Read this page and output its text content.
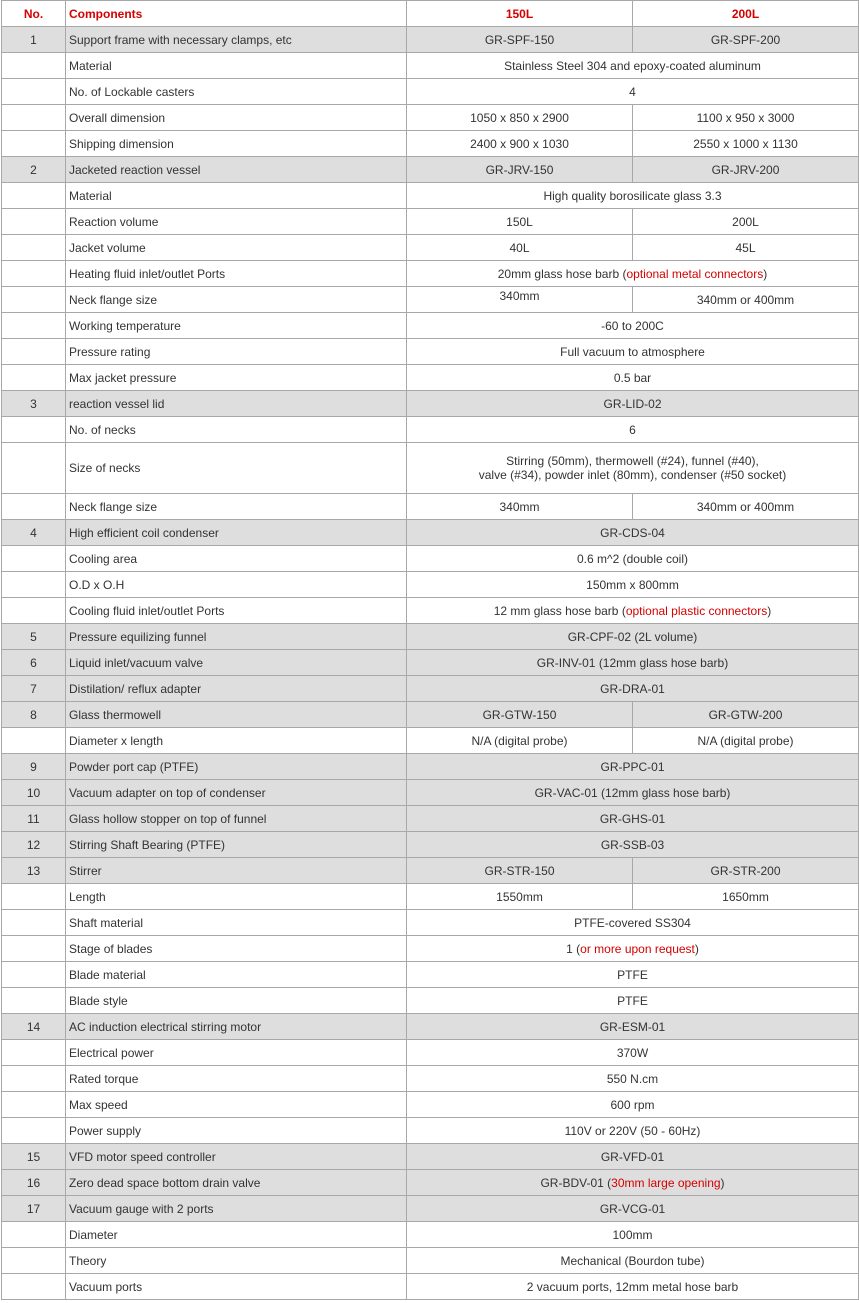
No.	Components	150L	200L
1	Support frame with necessary clamps, etc	GR-SPF-150	GR-SPF-200
	Material	Stainless Steel 304 and epoxy-coated aluminum	
	No. of Lockable casters	4	
	Overall dimension	1050 x 850 x 2900	1100 x 950 x 3000
	Shipping dimension	2400 x 900 x 1030	2550 x 1000 x 1130
2	Jacketed reaction vessel	GR-JRV-150	GR-JRV-200
	Material	High quality borosilicate glass 3.3	
	Reaction volume	150L	200L
	Jacket volume	40L	45L
	Heating fluid inlet/outlet Ports	20mm glass hose barb (optional metal connectors)	
	Neck flange size	340mm	340mm or 400mm
	Working temperature	-60 to 200C	
	Pressure rating	Full vacuum to atmosphere	
	Max jacket pressure	0.5 bar	
3	reaction vessel lid	GR-LID-02	
	No. of necks	6	
	Size of necks	Stirring (50mm), thermowell (#24), funnel (#40),
valve (#34), powder inlet (80mm), condenser (#50 socket)	
	Neck flange size	340mm	340mm or 400mm
4	High efficient coil condenser	GR-CDS-04	
	Cooling area	0.6 m^2 (double coil)	
	O.D x O.H	150mm x 800mm	
	Cooling fluid inlet/outlet Ports	12 mm glass hose barb (optional plastic connectors)	
5	Pressure equilizing funnel	GR-CPF-02 (2L volume)	
6	Liquid inlet/vacuum valve	GR-INV-01 (12mm glass hose barb)	
7	Distilation/ reflux adapter	GR-DRA-01	
8	Glass thermowell	GR-GTW-150	GR-GTW-200
	Diameter x length	N/A (digital probe)	N/A (digital probe)
9	Powder port cap (PTFE)	GR-PPC-01	
10	Vacuum adapter on top of condenser	GR-VAC-01 (12mm glass hose barb)	
11	Glass hollow stopper on top of funnel	GR-GHS-01	
12	Stirring Shaft Bearing (PTFE)	GR-SSB-03	
13	Stirrer	GR-STR-150	GR-STR-200
	Length	1550mm	1650mm
	Shaft material	PTFE-covered SS304	
	Stage of blades	1 (or more upon request)	
	Blade material	PTFE	
	Blade style	PTFE	
14	AC induction electrical stirring motor	GR-ESM-01	
	Electrical power	370W	
	Rated torque	550 N.cm	
	Max speed	600 rpm	
	Power supply	110V or 220V (50 - 60Hz)	
15	VFD motor speed controller	GR-VFD-01	
16	Zero dead space bottom drain valve	GR-BDV-01 (30mm large opening)	
17	Vacuum gauge with 2 ports	GR-VCG-01	
	Diameter	100mm	
	Theory	Mechanical (Bourdon tube)	
	Vacuum ports	2 vacuum ports, 12mm metal hose barb	
